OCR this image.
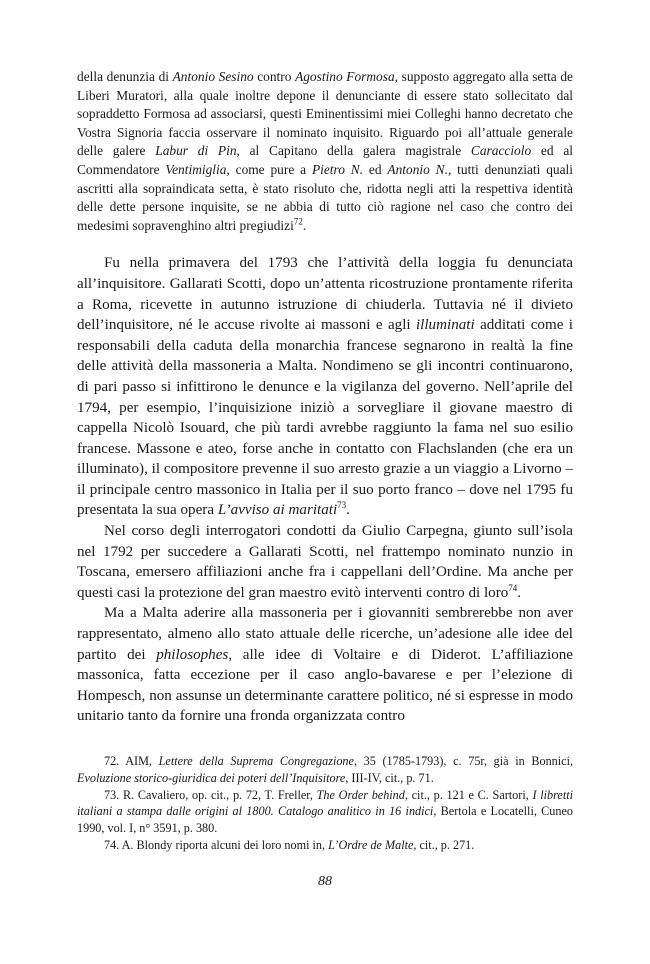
della denunzia di Antonio Sesino contro Agostino Formosa, supposto aggregato alla setta de Liberi Muratori, alla quale inoltre depone il denunciante di essere stato sollecitato dal sopraddetto Formosa ad associarsi, questi Eminentissimi miei Colleghi hanno decretato che Vostra Signoria faccia osservare il nominato inquisito. Riguardo poi all’attuale generale delle galere Labur di Pin, al Capitano della galera magistrale Caracciolo ed al Commendatore Ventimiglia, come pure a Pietro N. ed Antonio N., tutti denunziati quali ascritti alla sopraindicata setta, è stato risoluto che, ridotta negli atti la respettiva identità delle dette persone inquisite, se ne abbia di tutto ciò ragione nel caso che contro dei medesimi sopravenghino altri pregiudizi$^{72}$.

Fu nella primavera del 1793 che l’attività della loggia fu denunciata all’inquisitore. Gallarati Scotti, dopo un’attenta ricostruzione prontamente riferita a Roma, ricevette in autunno istruzione di chiuderla. Tuttavia né il divieto dell’inquisitore, né le accuse rivolte ai massoni e agli illuminati additati come i responsabili della caduta della monarchia francese segnarono in realtà la fine delle attività della massoneria a Malta. Nondimeno se gli incontri continuarono, di pari passo si infittirono le denunce e la vigilanza del governo. Nell’aprile del 1794, per esempio, l’inquisizione iniziò a sorvegliare il giovane maestro di cappella Nicolò Isouard, che più tardi avrebbe raggiunto la fama nel suo esilio francese. Massone e ateo, forse anche in contatto con Flachslanden (che era un illuminato), il compositore prevenne il suo arresto grazie a un viaggio a Livorno – il principale centro massonico in Italia per il suo porto franco – dove nel 1795 fu presentata la sua opera L’avviso ai maritati$^{73}$.

Nel corso degli interrogatori condotti da Giulio Carpegna, giunto sull’isola nel 1792 per succedere a Gallarati Scotti, nel frattempo nominato nunzio in Toscana, emersero affiliazioni anche fra i cappellani dell’Ordine. Ma anche per questi casi la protezione del gran maestro evitò interventi contro di loro$^{74}$.

Ma a Malta aderire alla massoneria per i giovanniti sembrerebbe non aver rappresentato, almeno allo stato attuale delle ricerche, un’adesione alle idee del partito dei philosophes, alle idee di Voltaire e di Diderot. L’affiliazione massonica, fatta eccezione per il caso anglo-bavarese e per l’elezione di Hompesch, non assunse un determinante carattere politico, né si espresse in modo unitario tanto da fornire una fronda organizzata contro

72. AIM, Lettere della Suprema Congregazione, 35 (1785-1793), c. 75r, già in Bonnici, Evoluzione storico-giuridica dei poteri dell’Inquisitore, III-IV, cit., p. 71.

73. R. Cavaliero, op. cit., p. 72, T. Freller, The Order behind, cit., p. 121 e C. Sartori, I libretti italiani a stampa dalle origini al 1800. Catalogo analitico in 16 indici, Bertola e Locatelli, Cuneo 1990, vol. I, n° 3591, p. 380.

74. A. Blondy riporta alcuni dei loro nomi in, L’Ordre de Malte, cit., p. 271.

88
